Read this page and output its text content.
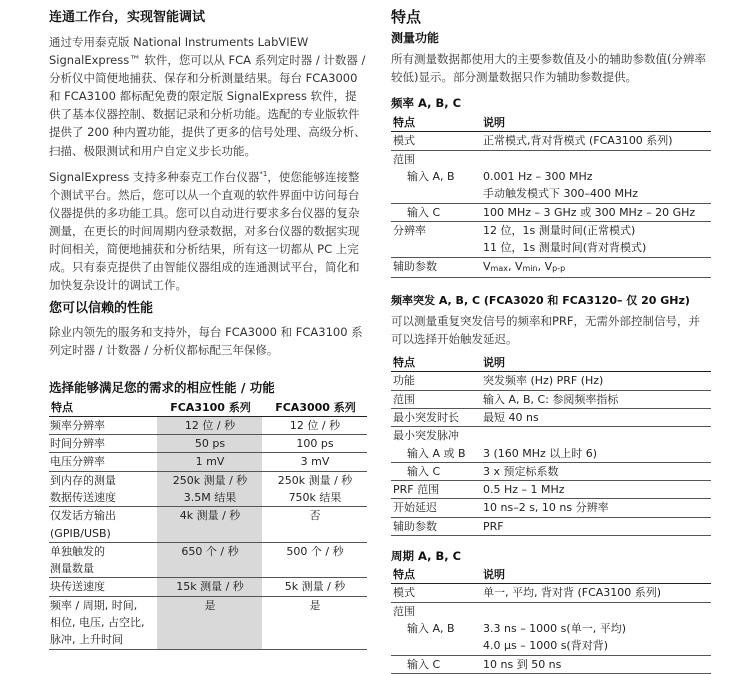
连通工作台，实现智能调试

通过专用泰克版 National Instruments LabVIEW SignalExpress™ 软件，您可以从 FCA 系列定时器 / 计数器 / 分析仪中简便地捕获、保存和分析测量结果。每台 FCA3000 和 FCA3100 都标配免费的限定版 SignalExpress 软件，提供了基本仪器控制、数据记录和分析功能。选配的专业版软件提供了 200 种内置功能，提供了更多的信号处理、高级分析、扫描、极限测试和用户自定义步长功能。

SignalExpress 支持多种泰克工作台仪器$^{*1}$，使您能够连接整个测试平台。然后，您可以从一个直观的软件界面中访问每台仪器提供的多功能工具。您可以自动进行要求多台仪器的复杂测量，在更长的时间周期内登录数据，对多台仪器的数据实现时间相关，简便地捕获和分析结果，所有这一切都从 PC 上完成。只有泰克提供了由智能仪器组成的连通测试平台，简化和加快复杂设计的调试工作。

您可以信赖的性能

除业内领先的服务和支持外，每台 FCA3000 和 FCA3100 系列定时器 / 计数器 / 分析仪都标配三年保修。

选择能够满足您的需求的相应性能 / 功能

特点	FCA3100 系列	FCA3000 系列
频率分辨率	12 位 / 秒	12 位 / 秒
时间分辨率	50 ps	100 ps
电压分辨率	1 mV	3 mV
到内存的测量	250k 测量 / 秒	250k 测量 / 秒
数据传送速度	3.5M 结果	750k 结果
仅发话方输出	4k 测量 / 秒	否
(GPIB/USB)		
单独触发的	650 个 / 秒	500 个 / 秒
测量数量		
块传送速度	15k 测量 / 秒	5k 测量 / 秒
频率 / 周期, 时间,	是	是
相位, 电压, 占空比,		
脉冲, 上升时间		

特点

测量功能

所有测量数据都使用大的主要参数值及小的辅助参数值(分辨率较低)显示。部分测量数据只作为辅助参数提供。

频率 A, B, C

特点	说明
模式	正常模式,背对背模式 (FCA3100 系列)
范围	
输入 A, B	0.001 Hz – 300 MHz
	手动触发模式下 300–400 MHz
输入 C	100 MHz – 3 GHz 或 300 MHz – 20 GHz
分辨率	12 位，1s 测量时间(正常模式)
	11 位，1s 测量时间(背对背模式)
辅助参数	Vmax, Vmin, Vp-p

频率突发 A, B, C (FCA3020 和 FCA3120– 仅 20 GHz)

可以测量重复突发信号的频率和PRF，无需外部控制信号，并可以选择开始触发延迟。

特点	说明
功能	突发频率 (Hz) PRF (Hz)
范围	输入 A, B, C: 参阅频率指标
最小突发时长	最短 40 ns
最小突发脉冲	
输入 A 或 B	3 (160 MHz 以上时 6)
输入 C	3 x 预定标系数
PRF 范围	0.5 Hz – 1 MHz
开始延迟	10 ns–2 s, 10 ns 分辨率
辅助参数	PRF

周期 A, B, C

特点	说明
模式	单一, 平均, 背对背 (FCA3100 系列)
范围	
输入 A, B	3.3 ns – 1000 s(单一, 平均)
	4.0 µs – 1000 s(背对背)
输入 C	10 ns 到 50 ns
